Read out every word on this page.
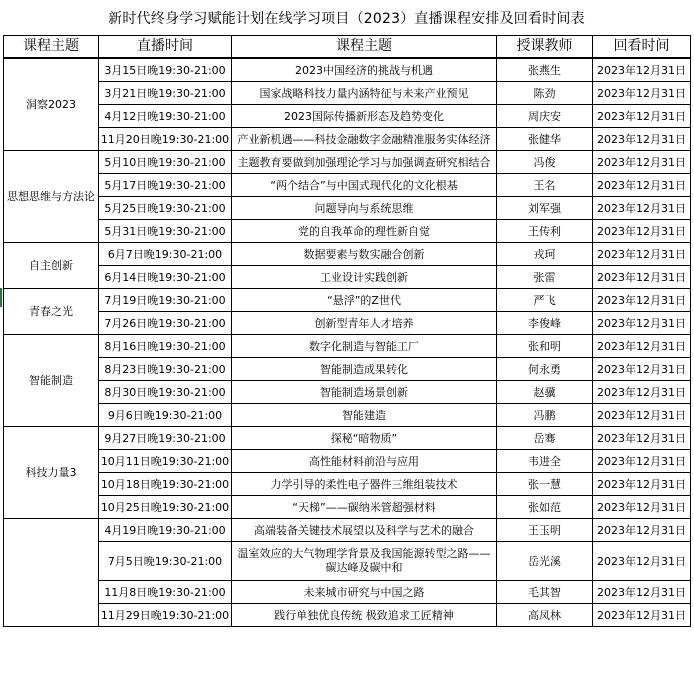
新时代终身学习赋能计划在线学习项目（2023）直播课程安排及回看时间表
课程主题	直播时间	课程主题	授课教师	回看时间
洞察2023	3月15日晚19:30-21:00	2023中国经济的挑战与机遇	张燕生	2023年12月31日
	3月21日晚19:30-21:00	国家战略科技力量内涵特征与未来产业预见	陈劲	2023年12月31日
	4月12日晚19:30-21:00	2023国际传播新形态及趋势变化	周庆安	2023年12月31日
	11月20日晚19:30-21:00	产业新机遇——科技金融数字金融精准服务实体经济	张健华	2023年12月31日
思想思维与方法论	5月10日晚19:30-21:00	主题教育要做到加强理论学习与加强调查研究相结合	冯俊	2023年12月31日
	5月17日晚19:30-21:00	“两个结合”与中国式现代化的文化根基	王名	2023年12月31日
	5月25日晚19:30-21:00	问题导向与系统思维	刘军强	2023年12月31日
	5月31日晚19:30-21:00	党的自我革命的理性新自觉	王传利	2023年12月31日
自主创新	6月7日晚19:30-21:00	数据要素与数实融合创新	戎珂	2023年12月31日
	6月14日晚19:30-21:00	工业设计实践创新	张雷	2023年12月31日
青春之光	7月19日晚19:30-21:00	“悬浮”的Z世代	严飞	2023年12月31日
	7月26日晚19:30-21:00	创新型青年人才培养	李俊峰	2023年12月31日
智能制造	8月16日晚19:30-21:00	数字化制造与智能工厂	张和明	2023年12月31日
	8月23日晚19:30-21:00	智能制造成果转化	何永勇	2023年12月31日
	8月30日晚19:30-21:00	智能制造场景创新	赵骥	2023年12月31日
	9月6日晚19:30-21:00	智能建造	冯鹏	2023年12月31日
科技力量3	9月27日晚19:30-21:00	探秘“暗物质”	岳骞	2023年12月31日
	10月11日晚19:30-21:00	高性能材料前沿与应用	韦进全	2023年12月31日
	10月18日晚19:30-21:00	力学引导的柔性电子器件三维组装技术	张一慧	2023年12月31日
	10月25日晚19:30-21:00	“天梯”——碳纳米管超强材料	张如范	2023年12月31日
	4月19日晚19:30-21:00	高端装备关键技术展望以及科学与艺术的融合	王玉明	2023年12月31日
	7月5日晚19:30-21:00	温室效应的大气物理学背景及我国能源转型之路——碳达峰及碳中和	岳光溪	2023年12月31日
	11月8日晚19:30-21:00	未来城市研究与中国之路	毛其智	2023年12月31日
	11月29日晚19:30-21:00	践行单独优良传统 极致追求工匠精神	高凤林	2023年12月31日
